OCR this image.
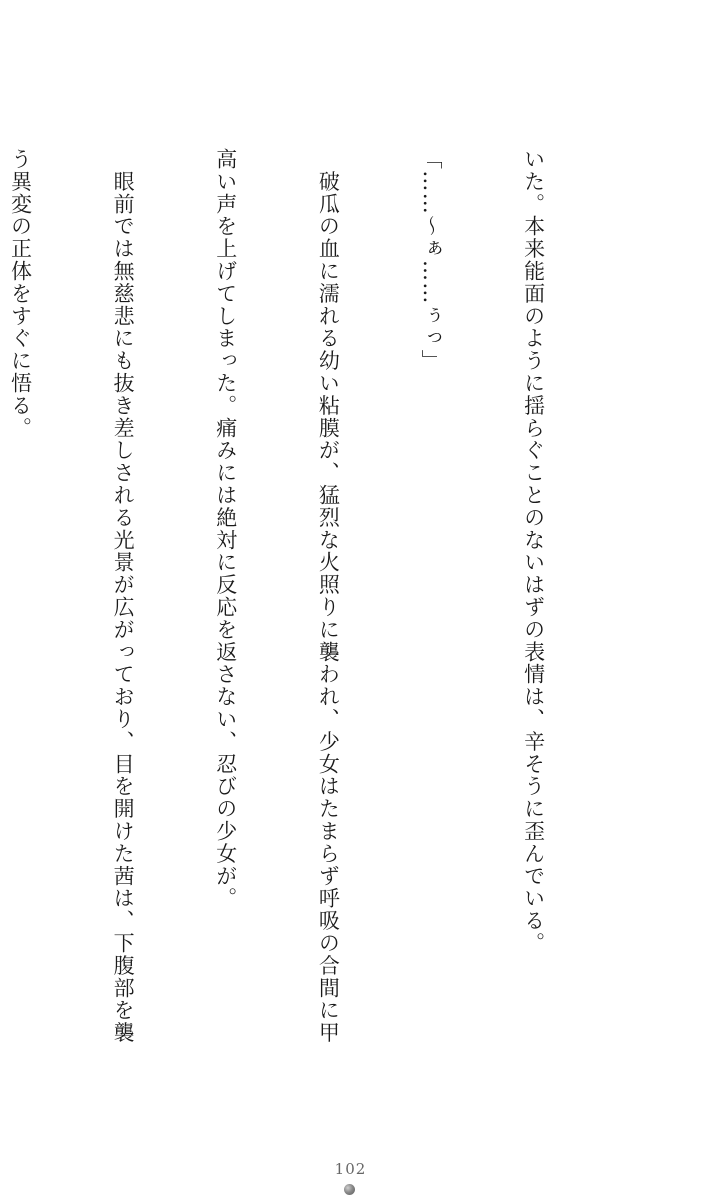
いた。本来能面のように揺らぐことのないはずの表情は、辛そうに歪んでいる。

「……～ぁ……ぅっ」

　破瓜の血に濡れる幼い粘膜が、猛烈な火照りに襲われ、少女はたまらず呼吸の合間に甲

高い声を上げてしまった。痛みには絶対に反応を返さない、忍びの少女が。

　眼前では無慈悲にも抜き差しされる光景が広がっており、目を開けた茜は、下腹部を襲

う異変の正体をすぐに悟る。

102
